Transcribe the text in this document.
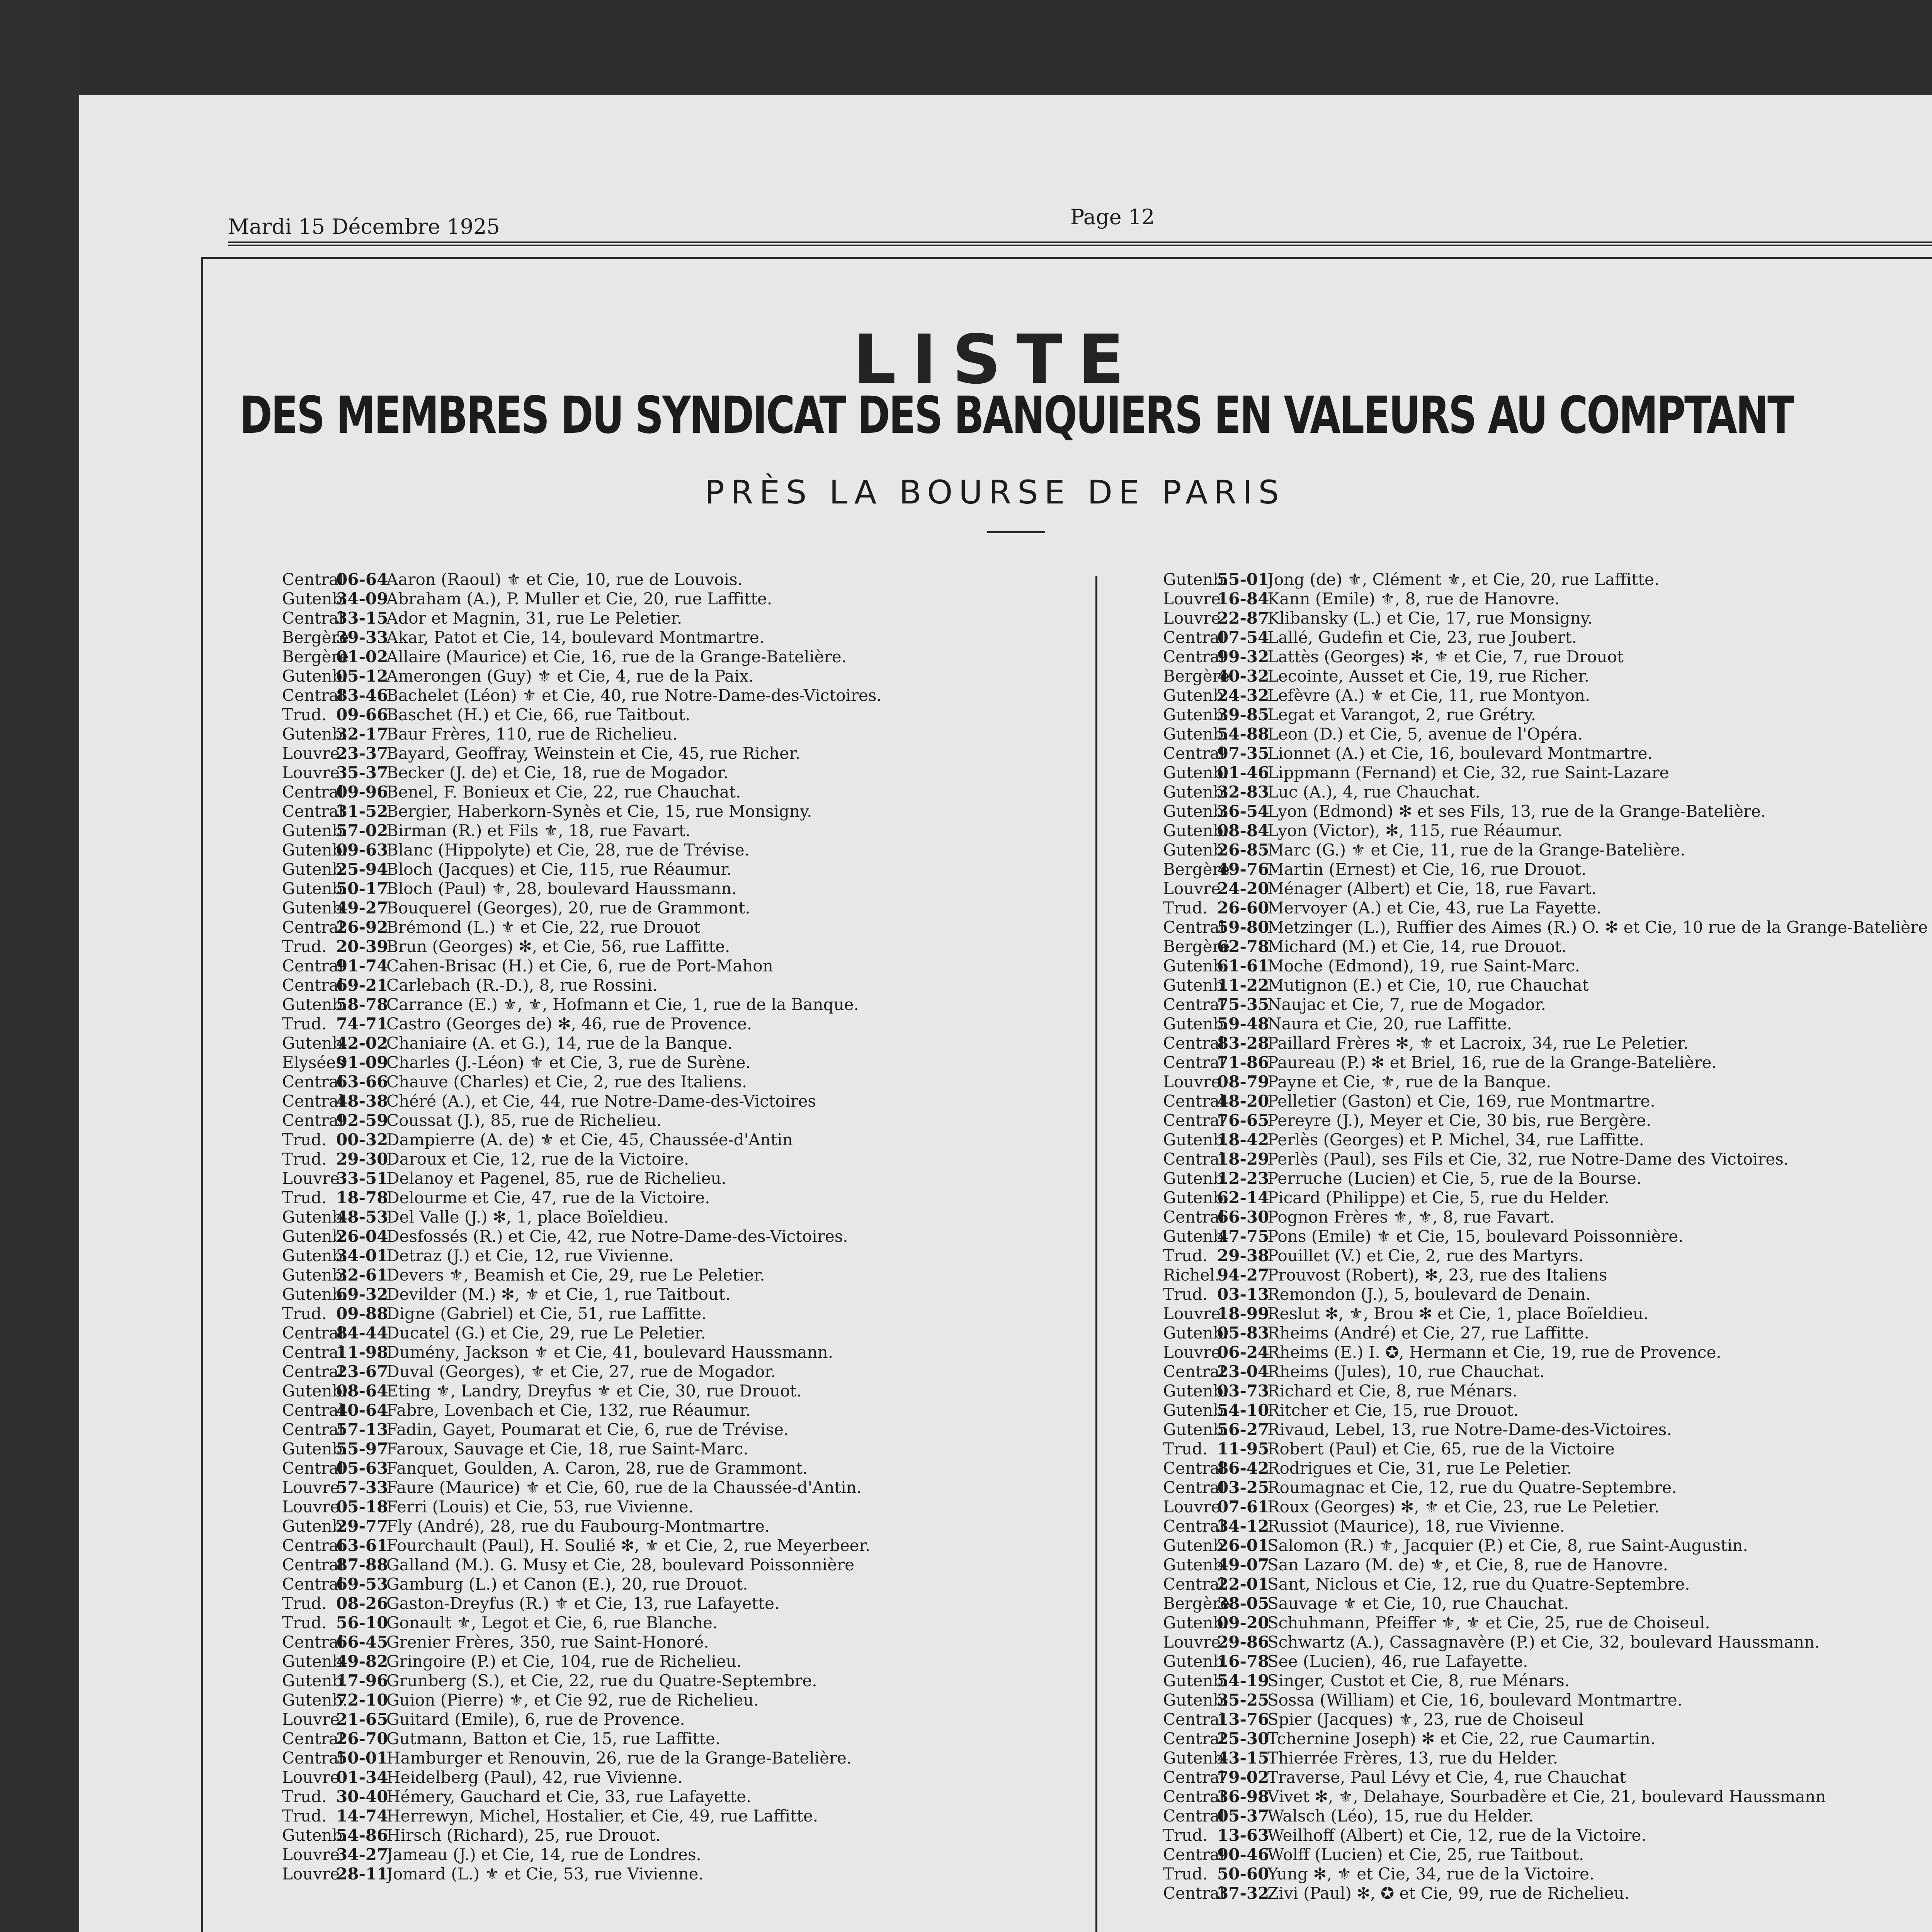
Mardi 15 Décembre 1925	Page 12
LISTE
DES MEMBRES DU SYNDICAT DES BANQUIERS EN VALEURS AU COMPTANT
PRÈS LA BOURSE DE PARIS
Central
06-64
Aaron (Raoul) ⚜ et Cie, 10, rue de Louvois.
Gutenb.
34-09
Abraham (A.), P. Muller et Cie, 20, rue Laffitte.
Central
33-15
Ador et Magnin, 31, rue Le Peletier.
Bergère
39-33
Akar, Patot et Cie, 14, boulevard Montmartre.
Bergère
01-02
Allaire (Maurice) et Cie, 16, rue de la Grange-Batelière.
Gutenb.
05-12
Amerongen (Guy) ⚜ et Cie, 4, rue de la Paix.
Central
83-46
Bachelet (Léon) ⚜ et Cie, 40, rue Notre-Dame-des-Victoires.
Trud. 09-66
Baschet (H.) et Cie, 66, rue Taitbout.
Gutenb.
32-17
Baur Frères, 110, rue de Richelieu.
Louvre
23-37
Bayard, Geoffray, Weinstein et Cie, 45, rue Richer.
Louvre
35-37
Becker (J. de) et Cie, 18, rue de Mogador.
Central
09-96
Benel, F. Bonieux et Cie, 22, rue Chauchat.
Central
31-52
Bergier, Haberkorn-Synès et Cie, 15, rue Monsigny.
Gutenb.
57-02
Birman (R.) et Fils ⚜, 18, rue Favart.
Gutenb.
09-63
Blanc (Hippolyte) et Cie, 28, rue de Trévise.
Gutenb.
25-94
Bloch (Jacques) et Cie, 115, rue Réaumur.
Gutenb.
50-17
Bloch (Paul) ⚜, 28, boulevard Haussmann.
Gutenb.
49-27
Bouquerel (Georges), 20, rue de Grammont.
Central
26-92
Brémond (L.) ⚜ et Cie, 22, rue Drouot
Trud. 20-39
Brun (Georges) ✻, et Cie, 56, rue Laffitte.
Central
91-74
Cahen-Brisac (H.) et Cie, 6, rue de Port-Mahon
Central
69-21
Carlebach (R.-D.), 8, rue Rossini.
Gutenb.
58-78
Carrance (E.) ⚜, ⚜, Hofmann et Cie, 1, rue de la Banque.
Trud. 74-71
Castro (Georges de) ✻, 46, rue de Provence.
Gutenb.
42-02
Chaniaire (A. et G.), 14, rue de la Banque.
Elysées
91-09
Charles (J.-Léon) ⚜ et Cie, 3, rue de Surène.
Central
63-66
Chauve (Charles) et Cie, 2, rue des Italiens.
Central
48-38
Chéré (A.), et Cie, 44, rue Notre-Dame-des-Victoires
Central
92-59
Coussat (J.), 85, rue de Richelieu.
Trud. 00-32
Dampierre (A. de) ⚜ et Cie, 45, Chaussée-d'Antin
Trud. 29-30
Daroux et Cie, 12, rue de la Victoire.
Louvre
33-51
Delanoy et Pagenel, 85, rue de Richelieu.
Trud. 18-78
Delourme et Cie, 47, rue de la Victoire.
Gutenb.
48-53
Del Valle (J.) ✻, 1, place Boïeldieu.
Gutenb.
26-04
Desfossés (R.) et Cie, 42, rue Notre-Dame-des-Victoires.
Gutenb.
34-01
Detraz (J.) et Cie, 12, rue Vivienne.
Gutenb.
32-61
Devers ⚜, Beamish et Cie, 29, rue Le Peletier.
Gutenb.
69-32
Devilder (M.) ✻, ⚜ et Cie, 1, rue Taitbout.
Trud. 09-88
Digne (Gabriel) et Cie, 51, rue Laffitte.
Central
84-44
Ducatel (G.) et Cie, 29, rue Le Peletier.
Central
11-98
Duménу, Jackson ⚜ et Cie, 41, boulevard Haussmann.
Central
23-67
Duval (Georges), ⚜ et Cie, 27, rue de Mogador.
Gutenb.
08-64
Eting ⚜, Landry, Dreyfus ⚜ et Cie, 30, rue Drouot.
Central
40-64
Fabre, Lovenbach et Cie, 132, rue Réaumur.
Central
57-13
Fadin, Gayet, Poumarat et Cie, 6, rue de Trévise.
Gutenb.
55-97
Faroux, Sauvage et Cie, 18, rue Saint-Marc.
Central
05-63
Fanquet, Goulden, A. Caron, 28, rue de Grammont.
Louvre
57-33
Faure (Maurice) ⚜ et Cie, 60, rue de la Chaussée-d'Antin.
Louvre
05-18
Ferri (Louis) et Cie, 53, rue Vivienne.
Gutenb.
29-77
Fly (André), 28, rue du Faubourg-Montmartre.
Central
63-61
Fourchault (Paul), H. Soulié ✻, ⚜ et Cie, 2, rue Meyerbeer.
Central
87-88
Galland (M.). G. Musy et Cie, 28, boulevard Poissonnière
Central
69-53
Gamburg (L.) et Canon (E.), 20, rue Drouot.
Trud. 08-26
Gaston-Dreyfus (R.) ⚜ et Cie, 13, rue Lafayette.
Trud. 56-10
Gonault ⚜, Legot et Cie, 6, rue Blanche.
Central
66-45
Grenier Frères, 350, rue Saint-Honoré.
Gutenb.
49-82
Gringoire (P.) et Cie, 104, rue de Richelieu.
Gutenb.
17-96
Grunberg (S.), et Cie, 22, rue du Quatre-Septembre.
Gutenb.
72-10
Guion (Pierre) ⚜, et Cie 92, rue de Richelieu.
Louvre
21-65
Guitard (Emile), 6, rue de Provence.
Central
26-70
Gutmann, Batton et Cie, 15, rue Laffitte.
Central
50-01
Hamburger et Renouvin, 26, rue de la Grange-Batelière.
Louvre
01-34
Heidelberg (Paul), 42, rue Vivienne.
Trud. 30-40
Hémery, Gauchard et Cie, 33, rue Lafayette.
Trud. 14-74
Herrewyn, Michel, Hostalier, et Cie, 49, rue Laffitte.
Gutenb.
54-86
Hirsch (Richard), 25, rue Drouot.
Louvre
34-27
Jameau (J.) et Cie, 14, rue de Londres.
Louvre
28-11
Jomard (L.) ⚜ et Cie, 53, rue Vivienne.
Gutenb.
55-01
Jong (de) ⚜, Clément ⚜, et Cie, 20, rue Laffitte.
Louvre
16-84
Kann (Emile) ⚜, 8, rue de Hanovre.
Louvre
22-87
Klibansky (L.) et Cie, 17, rue Monsigny.
Central
07-54
Lallé, Gudefin et Cie, 23, rue Joubert.
Central
99-32
Lattès (Georges) ✻, ⚜ et Cie, 7, rue Drouot
Bergère
40-32
Lecointe, Ausset et Cie, 19, rue Richer.
Gutenb.
24-32
Lefèvre (A.) ⚜ et Cie, 11, rue Montyon.
Gutenb.
39-85
Legat et Varangot, 2, rue Grétry.
Gutenb.
54-88
Leon (D.) et Cie, 5, avenue de l'Opéra.
Central
97-35
Lionnet (A.) et Cie, 16, boulevard Montmartre.
Gutenb.
01-46
Lippmann (Fernand) et Cie, 32, rue Saint-Lazare
Gutenb.
32-83
Luc (A.), 4, rue Chauchat.
Gutenb.
36-54
Lyon (Edmond) ✻ et ses Fils, 13, rue de la Grange-Batelière.
Gutenb.
08-84
Lyon (Victor), ✻, 115, rue Réaumur.
Gutenb.
26-85
Marc (G.) ⚜ et Cie, 11, rue de la Grange-Batelière.
Bergère
49-76
Martin (Ernest) et Cie, 16, rue Drouot.
Louvre
24-20
Ménager (Albert) et Cie, 18, rue Favart.
Trud. 26-60
Mervoyer (A.) et Cie, 43, rue La Fayette.
Central
59-80
Metzinger (L.), Ruffier des Aimes (R.) O. ✻ et Cie, 10 rue de la Grange-Batelière
Bergère
62-78
Michard (M.) et Cie, 14, rue Drouot.
Gutenb.
61-61
Moche (Edmond), 19, rue Saint-Marc.
Gutenb.
11-22
Mutignon (E.) et Cie, 10, rue Chauchat
Central
75-35
Naujac et Cie, 7, rue de Mogador.
Gutenb.
59-48
Naura et Cie, 20, rue Laffitte.
Central
83-28
Paillard Frères ✻, ⚜ et Lacroix, 34, rue Le Peletier.
Central
71-86
Paureau (P.) ✻ et Briel, 16, rue de la Grange-Batelière.
Louvre
08-79
Payne et Cie, ⚜, rue de la Banque.
Central
48-20
Pelletier (Gaston) et Cie, 169, rue Montmartre.
Central
76-65
Pereyre (J.), Meyer et Cie, 30 bis, rue Bergère.
Gutenb.
18-42
Perlès (Georges) et P. Michel, 34, rue Laffitte.
Central
18-29
Perlès (Paul), ses Fils et Cie, 32, rue Notre-Dame des Victoires.
Gutenb.
12-23
Perruche (Lucien) et Cie, 5, rue de la Bourse.
Gutenb.
62-14
Picard (Philippe) et Cie, 5, rue du Helder.
Central
66-30
Pognon Frères ⚜, ⚜, 8, rue Favart.
Gutenb.
47-75
Pons (Emile) ⚜ et Cie, 15, boulevard Poissonnière.
Trud. 29-38
Pouillet (V.) et Cie, 2, rue des Martyrs.
Richel.
94-27
Prouvost (Robert), ✻, 23, rue des Italiens
Trud. 03-13
Remondon (J.), 5, boulevard de Denain.
Louvre
18-99
Reslut ✻, ⚜, Brou ✻ et Cie, 1, place Boïeldieu.
Gutenb.
05-83
Rheims (André) et Cie, 27, rue Laffitte.
Louvre
06-24
Rheims (E.) I. ✪, Hermann et Cie, 19, rue de Provence.
Central
23-04
Rheims (Jules), 10, rue Chauchat.
Gutenb.
03-73
Richard et Cie, 8, rue Ménars.
Gutenb.
54-10
Ritcher et Cie, 15, rue Drouot.
Gutenb.
56-27
Rivaud, Lebel, 13, rue Notre-Dame-des-Victoires.
Trud. 11-95
Robert (Paul) et Cie, 65, rue de la Victoire
Central
86-42
Rodrigues et Cie, 31, rue Le Peletier.
Central
03-25
Roumagnac et Cie, 12, rue du Quatre-Septembre.
Louvre
07-61
Roux (Georges) ✻, ⚜ et Cie, 23, rue Le Peletier.
Central
34-12
Russiot (Maurice), 18, rue Vivienne.
Gutenb.
26-01
Salomon (R.) ⚜, Jacquier (P.) et Cie, 8, rue Saint-Augustin.
Gutenb.
49-07
San Lazaro (M. de) ⚜, et Cie, 8, rue de Hanovre.
Central
22-01
Sant, Niclous et Cie, 12, rue du Quatre-Septembre.
Bergère
38-05
Sauvage ⚜ et Cie, 10, rue Chauchat.
Gutenb.
09-20
Schuhmann, Pfeiffer ⚜, ⚜ et Cie, 25, rue de Choiseul.
Louvre
29-86
Schwartz (A.), Cassagnavère (P.) et Cie, 32, boulevard Haussmann.
Gutenb.
16-78
See (Lucien), 46, rue Lafayette.
Gutenb.
54-19
Singer, Custot et Cie, 8, rue Ménars.
Gutenb.
35-25
Sossa (William) et Cie, 16, boulevard Montmartre.
Central
13-76
Spier (Jacques) ⚜, 23, rue de Choiseul
Central
25-30
Tchernine Joseph) ✻ et Cie, 22, rue Caumartin.
Gutenb.
43-15
Thierrée Frères, 13, rue du Helder.
Central
79-02
Traverse, Paul Lévy et Cie, 4, rue Chauchat
Central
36-98
Vivet ✻, ⚜, Delahaye, Sourbadère et Cie, 21, boulevard Haussmann
Central
05-37
Walsch (Léo), 15, rue du Helder.
Trud. 13-63
Weilhoff (Albert) et Cie, 12, rue de la Victoire.
Central
90-46
Wolff (Lucien) et Cie, 25, rue Taitbout.
Trud. 50-60
Yung ✻, ⚜ et Cie, 34, rue de la Victoire.
Central
37-32
Zivi (Paul) ✻, ✪ et Cie, 99, rue de Richelieu.
